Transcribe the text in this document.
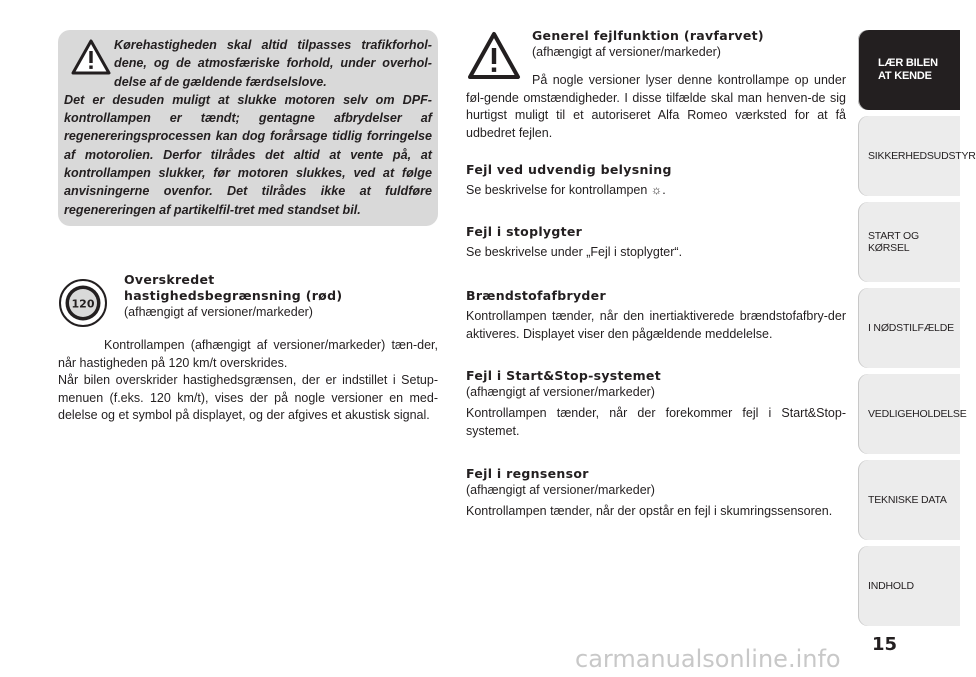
Kørehastigheden skal altid tilpasses trafikforhol-dene, og de atmosfæriske forhold, under overhol-delse af de gældende færdselslove.
Det er desuden muligt at slukke motoren selv om DPF-kontrollampen er tændt; gentagne afbrydelser af regenereringsprocessen kan dog forårsage tidlig forringelse af motorolien. Derfor tilrådes det altid at vente på, at kontrollampen slukker, før motoren slukkes, ved at følge anvisningerne ovenfor. Det tilrådes ikke at fuldføre regenereringen af partikelfil-tret med standset bil.
120
Overskredet
hastighedsbegrænsning (rød)
(afhængigt af versioner/markeder)
Kontrollampen (afhængigt af versioner/markeder) tæn-der, når hastigheden på 120 km/t overskrides.
Når bilen overskrider hastighedsgrænsen, der er indstillet i Setup-menuen (f.eks. 120 km/t), vises der på nogle versioner en med-delelse og et symbol på displayet, og der afgives et akustisk signal.
Generel fejlfunktion (ravfarvet)
(afhængigt af versioner/markeder)
På nogle versioner lyser denne kontrollampe op under føl-gende omstændigheder. I disse tilfælde skal man henven-de sig hurtigst muligt til et autoriseret Alfa Romeo værksted for at få udbedret fejlen.
Fejl ved udvendig belysning
Se beskrivelse for kontrollampen ☼.
Fejl i stoplygter
Se beskrivelse under „Fejl i stoplygter“.
Brændstofafbryder
Kontrollampen tænder, når den inertiaktiverede brændstofafbry-der aktiveres. Displayet viser den pågældende meddelelse.
Fejl i Start&Stop-systemet
(afhængigt af versioner/markeder)
Kontrollampen tænder, når der forekommer fejl i Start&Stop-systemet.
Fejl i regnsensor
(afhængigt af versioner/markeder)
Kontrollampen tænder, når der opstår en fejl i skumringssensoren.
LÆR BILEN
AT KENDE
SIKKERHEDSUDSTYR
START OG KØRSEL
I NØDSTILFÆLDE
VEDLIGEHOLDELSE
TEKNISKE DATA
INDHOLD
15
carmanualsonline.info
